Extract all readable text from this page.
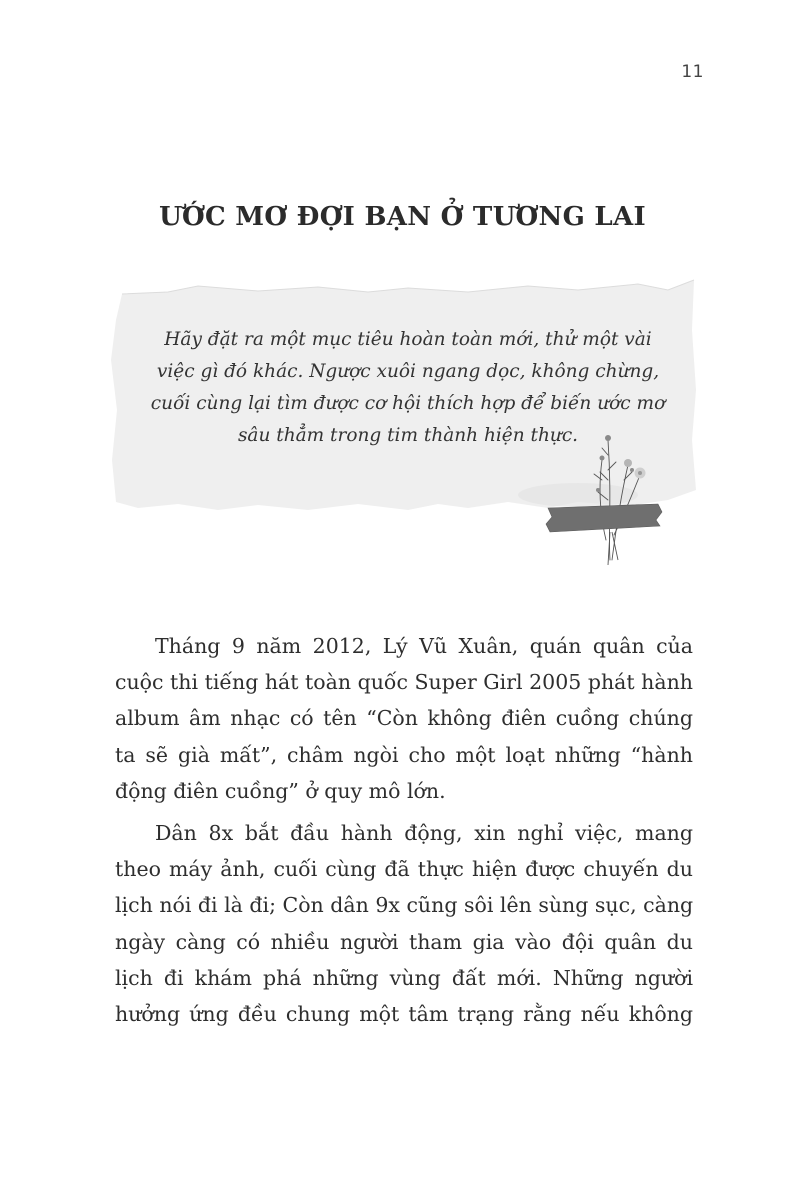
11
ƯỚC MƠ ĐỢI BẠN Ở TƯƠNG LAI
Hãy đặt ra một mục tiêu hoàn toàn mới, thử một vài
việc gì đó khác. Ngược xuôi ngang dọc, không chừng,
cuối cùng lại tìm được cơ hội thích hợp để biến ước mơ
sâu thẳm trong tim thành hiện thực.
Tháng 9 năm 2012, Lý Vũ Xuân, quán quân của
cuộc thi tiếng hát toàn quốc Super Girl 2005 phát hành
album âm nhạc có tên “Còn không điên cuồng chúng
ta sẽ già mất”, châm ngòi cho một loạt những “hành
động điên cuồng” ở quy mô lớn.
Dân 8x bắt đầu hành động, xin nghỉ việc, mang
theo máy ảnh, cuối cùng đã thực hiện được chuyến du
lịch nói đi là đi; Còn dân 9x cũng sôi lên sùng sục, càng
ngày càng có nhiều người tham gia vào đội quân du
lịch đi khám phá những vùng đất mới. Những người
hưởng ứng đều chung một tâm trạng rằng nếu không
